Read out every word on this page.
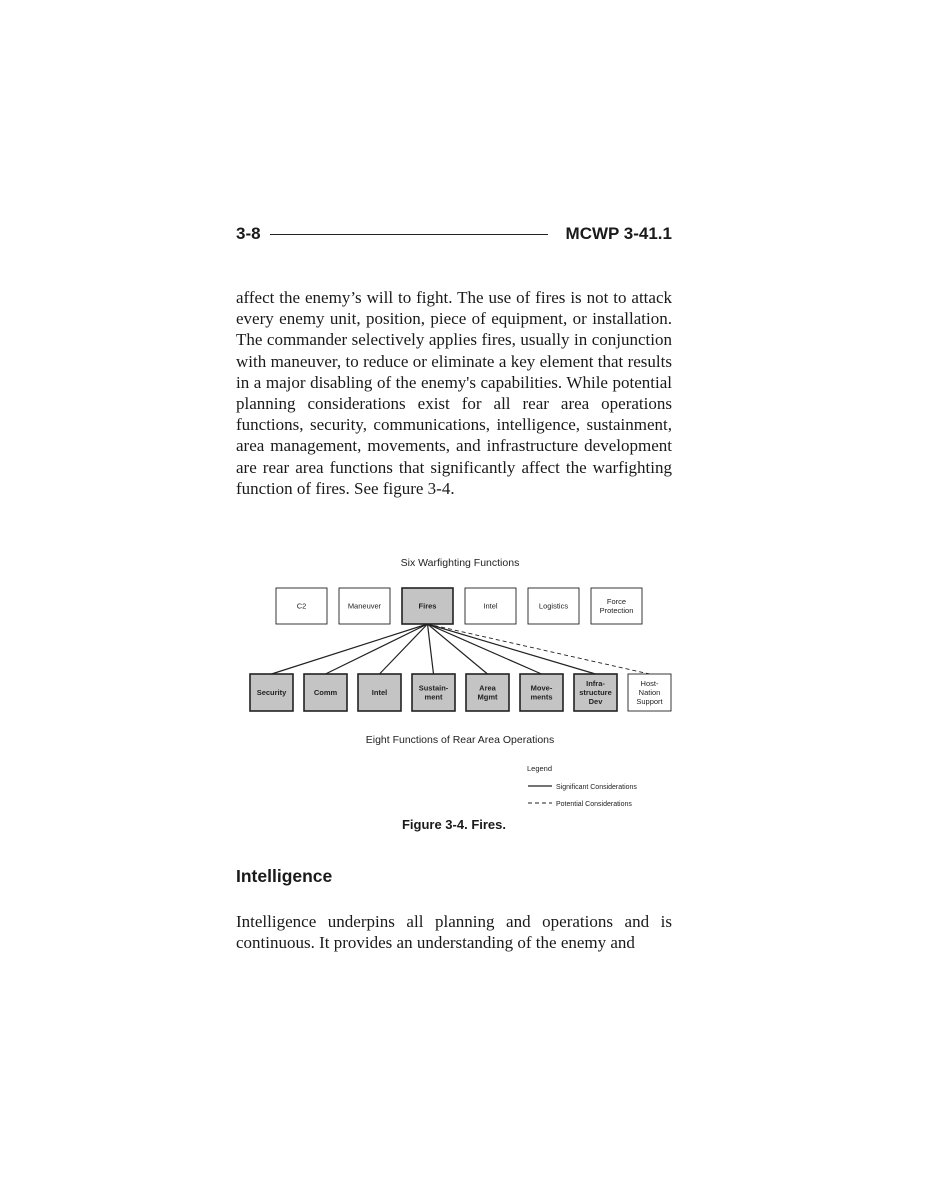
3-8	MCWP 3-41.1

affect the enemy’s will to fight. The use of fires is not to attack every enemy unit, position, piece of equipment, or installation. The commander selectively applies fires, usually in conjunction with maneuver, to reduce or eliminate a key element that results in a major disabling of the enemy's capabilities. While potential planning considerations exist for all rear area operations functions, security, communications, intelligence, sustainment, area management, movements, and infrastructure development are rear area functions that significantly affect the warfighting function of fires. See figure 3-4.

C2	Maneuver	Fires	Intel	Logistics	Force
Protection
Security	Comm	Intel	Sustain-
ment
Area
Mgmt
Move-
ments
Infra-
structure
Dev
Host-
Nation
Support
Six Warfighting Functions
Eight Functions of Rear Area Operations
Legend
Significant Considerations
Potential Considerations
Figure 3-4. Fires.
Intelligence

Intelligence underpins all planning and operations and is continuous. It provides an understanding of the enemy and
